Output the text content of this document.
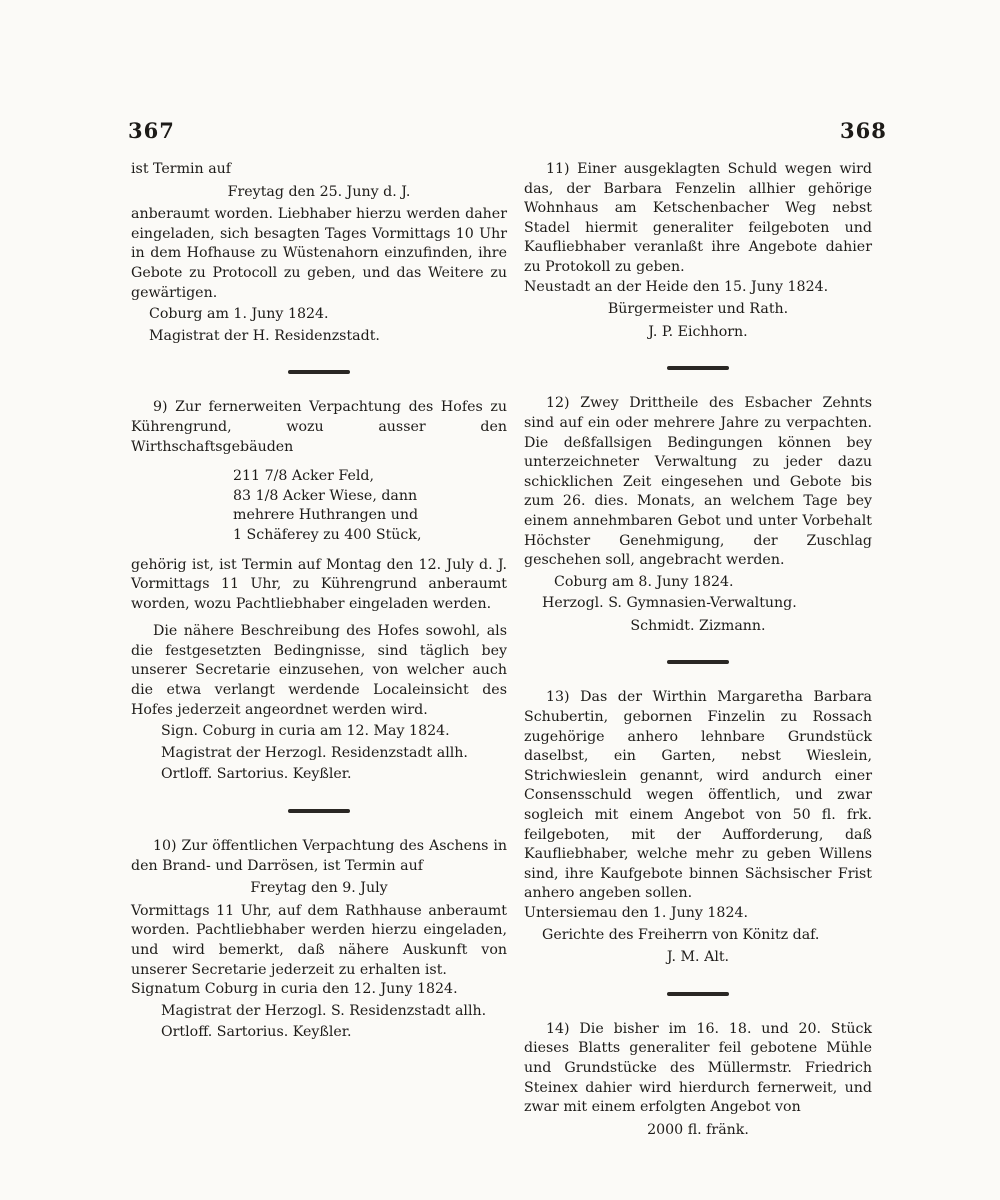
367	368
ist Termin auf
Freytag den 25. Juny d. J.

anberaumt worden. Liebhaber hierzu werden daher eingeladen, sich besagten Tages Vormittags 10 Uhr in dem Hofhause zu Wüstenahorn einzufinden, ihre Gebote zu Protocoll zu geben, und das Weitere zu gewärtigen.

Coburg am 1. Juny 1824.
Magistrat der H. Residenzstadt.

9) Zur fernerweiten Verpachtung des Hofes zu Kührengrund, wozu ausser den Wirthschaftsgebäuden

211 7/8 Acker Feld,
83 1/8 Acker Wiese, dann
mehrere Huthrangen und
1 Schäferey zu 400 Stück,

gehörig ist, ist Termin auf Montag den 12. July d. J. Vormittags 11 Uhr, zu Kührengrund anberaumt worden, wozu Pachtliebhaber eingeladen werden.

Die nähere Beschreibung des Hofes sowohl, als die festgesetzten Bedingnisse, sind täglich bey unserer Secretarie einzusehen, von welcher auch die etwa verlangt werdende Localeinsicht des Hofes jederzeit angeordnet werden wird.

Sign. Coburg in curia am 12. May 1824.
Magistrat der Herzogl. Residenzstadt allh.
Ortloff. Sartorius. Keyßler.

10) Zur öffentlichen Verpachtung des Aschens in den Brand- und Darrösen, ist Termin auf

Freytag den 9. July

Vormittags 11 Uhr, auf dem Rathhause anberaumt worden. Pachtliebhaber werden hierzu eingeladen, und wird bemerkt, daß nähere Auskunft von unserer Secretarie jederzeit zu erhalten ist.

Signatum Coburg in curia den 12. Juny 1824.
Magistrat der Herzogl. S. Residenzstadt allh.
Ortloff. Sartorius. Keyßler.

11) Einer ausgeklagten Schuld wegen wird das, der Barbara Fenzelin allhier gehörige Wohnhaus am Ketschenbacher Weg nebst Stadel hiermit generaliter feilgeboten und Kaufliebhaber veranlaßt ihre Angebote dahier zu Protokoll zu geben.

Neustadt an der Heide den 15. Juny 1824.
Bürgermeister und Rath.
J. P. Eichhorn.

12) Zwey Drittheile des Esbacher Zehnts sind auf ein oder mehrere Jahre zu verpachten. Die deßfallsigen Bedingungen können bey unterzeichneter Verwaltung zu jeder dazu schicklichen Zeit eingesehen und Gebote bis zum 26. dies. Monats, an welchem Tage bey einem annehmbaren Gebot und unter Vorbehalt Höchster Genehmigung, der Zuschlag geschehen soll, angebracht werden.

Coburg am 8. Juny 1824.
Herzogl. S. Gymnasien-Verwaltung.
Schmidt. Zizmann.

13) Das der Wirthin Margaretha Barbara Schubertin, gebornen Finzelin zu Rossach zugehörige anhero lehnbare Grundstück daselbst, ein Garten, nebst Wieslein, Strichwieslein genannt, wird andurch einer Consensschuld wegen öffentlich, und zwar sogleich mit einem Angebot von 50 fl. frk. feilgeboten, mit der Aufforderung, daß Kaufliebhaber, welche mehr zu geben Willens sind, ihre Kaufgebote binnen Sächsischer Frist anhero angeben sollen.

Untersiemau den 1. Juny 1824.
Gerichte des Freiherrn von Könitz daf.
J. M. Alt.

14) Die bisher im 16. 18. und 20. Stück dieses Blatts generaliter feil gebotene Mühle und Grundstücke des Müllermstr. Friedrich Steinex dahier wird hierdurch fernerweit, und zwar mit einem erfolgten Angebot von

2000 fl. fränk.
